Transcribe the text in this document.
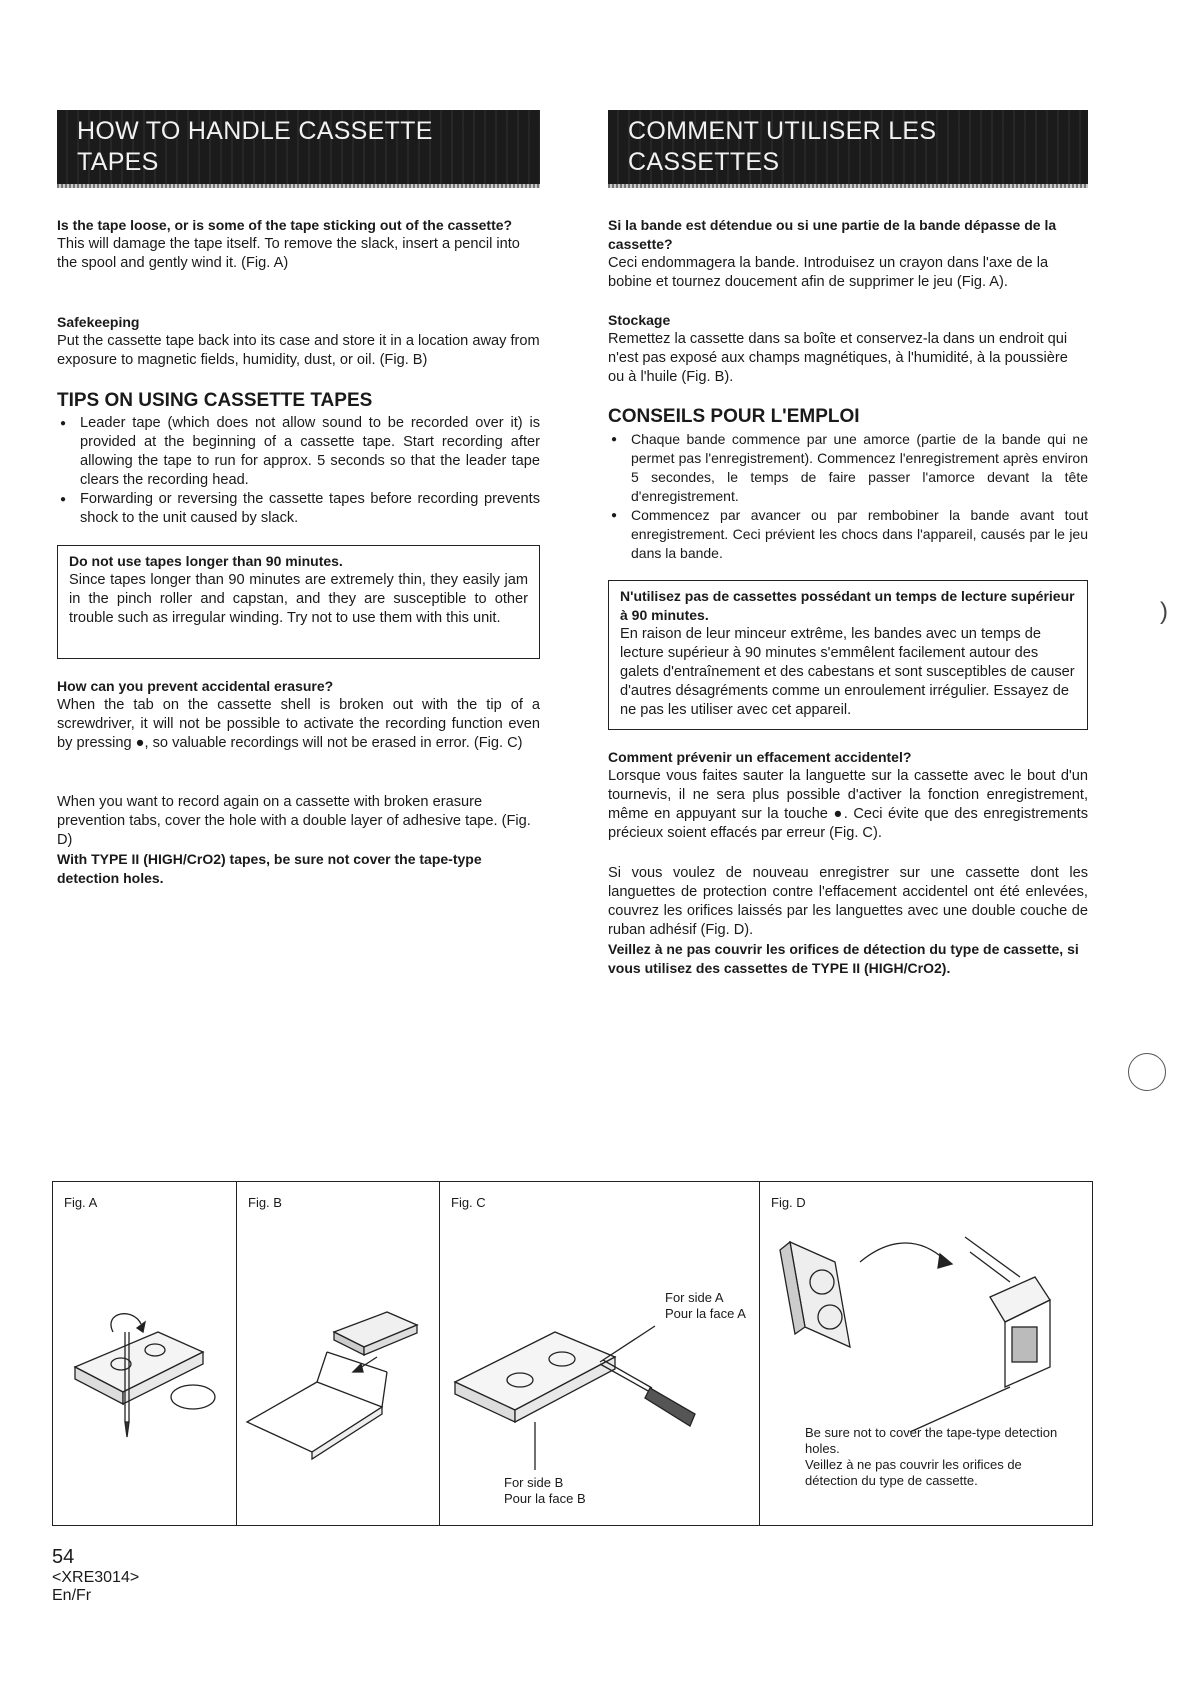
HOW TO HANDLE CASSETTE
TAPES
Is the tape loose, or is some of the tape sticking out of the cassette?
This will damage the tape itself. To remove the slack, insert a pencil into the spool and gently wind it. (Fig. A)
Safekeeping
Put the cassette tape back into its case and store it in a location away from exposure to magnetic fields, humidity, dust, or oil. (Fig. B)
TIPS ON USING CASSETTE TAPES
● Leader tape (which does not allow sound to be recorded over it) is provided at the beginning of a cassette tape. Start recording after allowing the tape to run for approx. 5 seconds so that the leader tape clears the recording head.
● Forwarding or reversing the cassette tapes before recording prevents shock to the unit caused by slack.
Do not use tapes longer than 90 minutes.
Since tapes longer than 90 minutes are extremely thin, they easily jam in the pinch roller and capstan, and they are susceptible to other trouble such as irregular winding. Try not to use them with this unit.
How can you prevent accidental erasure?
When the tab on the cassette shell is broken out with the tip of a screwdriver, it will not be possible to activate the recording function even by pressing ●, so valuable recordings will not be erased in error. (Fig. C)
When you want to record again on a cassette with broken erasure prevention tabs, cover the hole with a double layer of adhesive tape. (Fig. D)
With TYPE II (HIGH/CrO2) tapes, be sure not cover the tape-type detection holes.
COMMENT UTILISER LES
CASSETTES
Si la bande est détendue ou si une partie de la bande dépasse de la cassette?
Ceci endommagera la bande. Introduisez un crayon dans l'axe de la bobine et tournez doucement afin de supprimer le jeu (Fig. A).
Stockage
Remettez la cassette dans sa boîte et conservez-la dans un endroit qui n'est pas exposé aux champs magnétiques, à l'humidité, à la poussière ou à l'huile (Fig. B).
CONSEILS POUR L'EMPLOI
● Chaque bande commence par une amorce (partie de la bande qui ne permet pas l'enregistrement). Commencez l'enregistrement après environ 5 secondes, le temps de faire passer l'amorce devant la tête d'enregistrement.
● Commencez par avancer ou par rembobiner la bande avant tout enregistrement. Ceci prévient les chocs dans l'appareil, causés par le jeu dans la bande.
N'utilisez pas de cassettes possédant un temps de lecture supérieur à 90 minutes.
En raison de leur minceur extrême, les bandes avec un temps de lecture supérieur à 90 minutes s'emmêlent facilement autour des galets d'entraînement et des cabestans et sont susceptibles de causer d'autres désagréments comme un enroulement irrégulier. Essayez de ne pas les utiliser avec cet appareil.
Comment prévenir un effacement accidentel?
Lorsque vous faites sauter la languette sur la cassette avec le bout d'un tournevis, il ne sera plus possible d'activer la fonction enregistrement, même en appuyant sur la touche ●. Ceci évite que des enregistrements précieux soient effacés par erreur (Fig. C).
Si vous voulez de nouveau enregistrer sur une cassette dont les languettes de protection contre l'effacement accidentel ont été enlevées, couvrez les orifices laissés par les languettes avec une double couche de ruban adhésif (Fig. D).
Veillez à ne pas couvrir les orifices de détection du type de cassette, si vous utilisez des cassettes de TYPE II (HIGH/CrO2).
)
Fig. A	Fig. B	Fig. C
For side A
Pour la face A
For side B
Pour la face B
Fig. D
Be sure not to cover the tape-type detection holes.
Veillez à ne pas couvrir les orifices de détection du type de cassette.
54
<XRE3014>
En/Fr
